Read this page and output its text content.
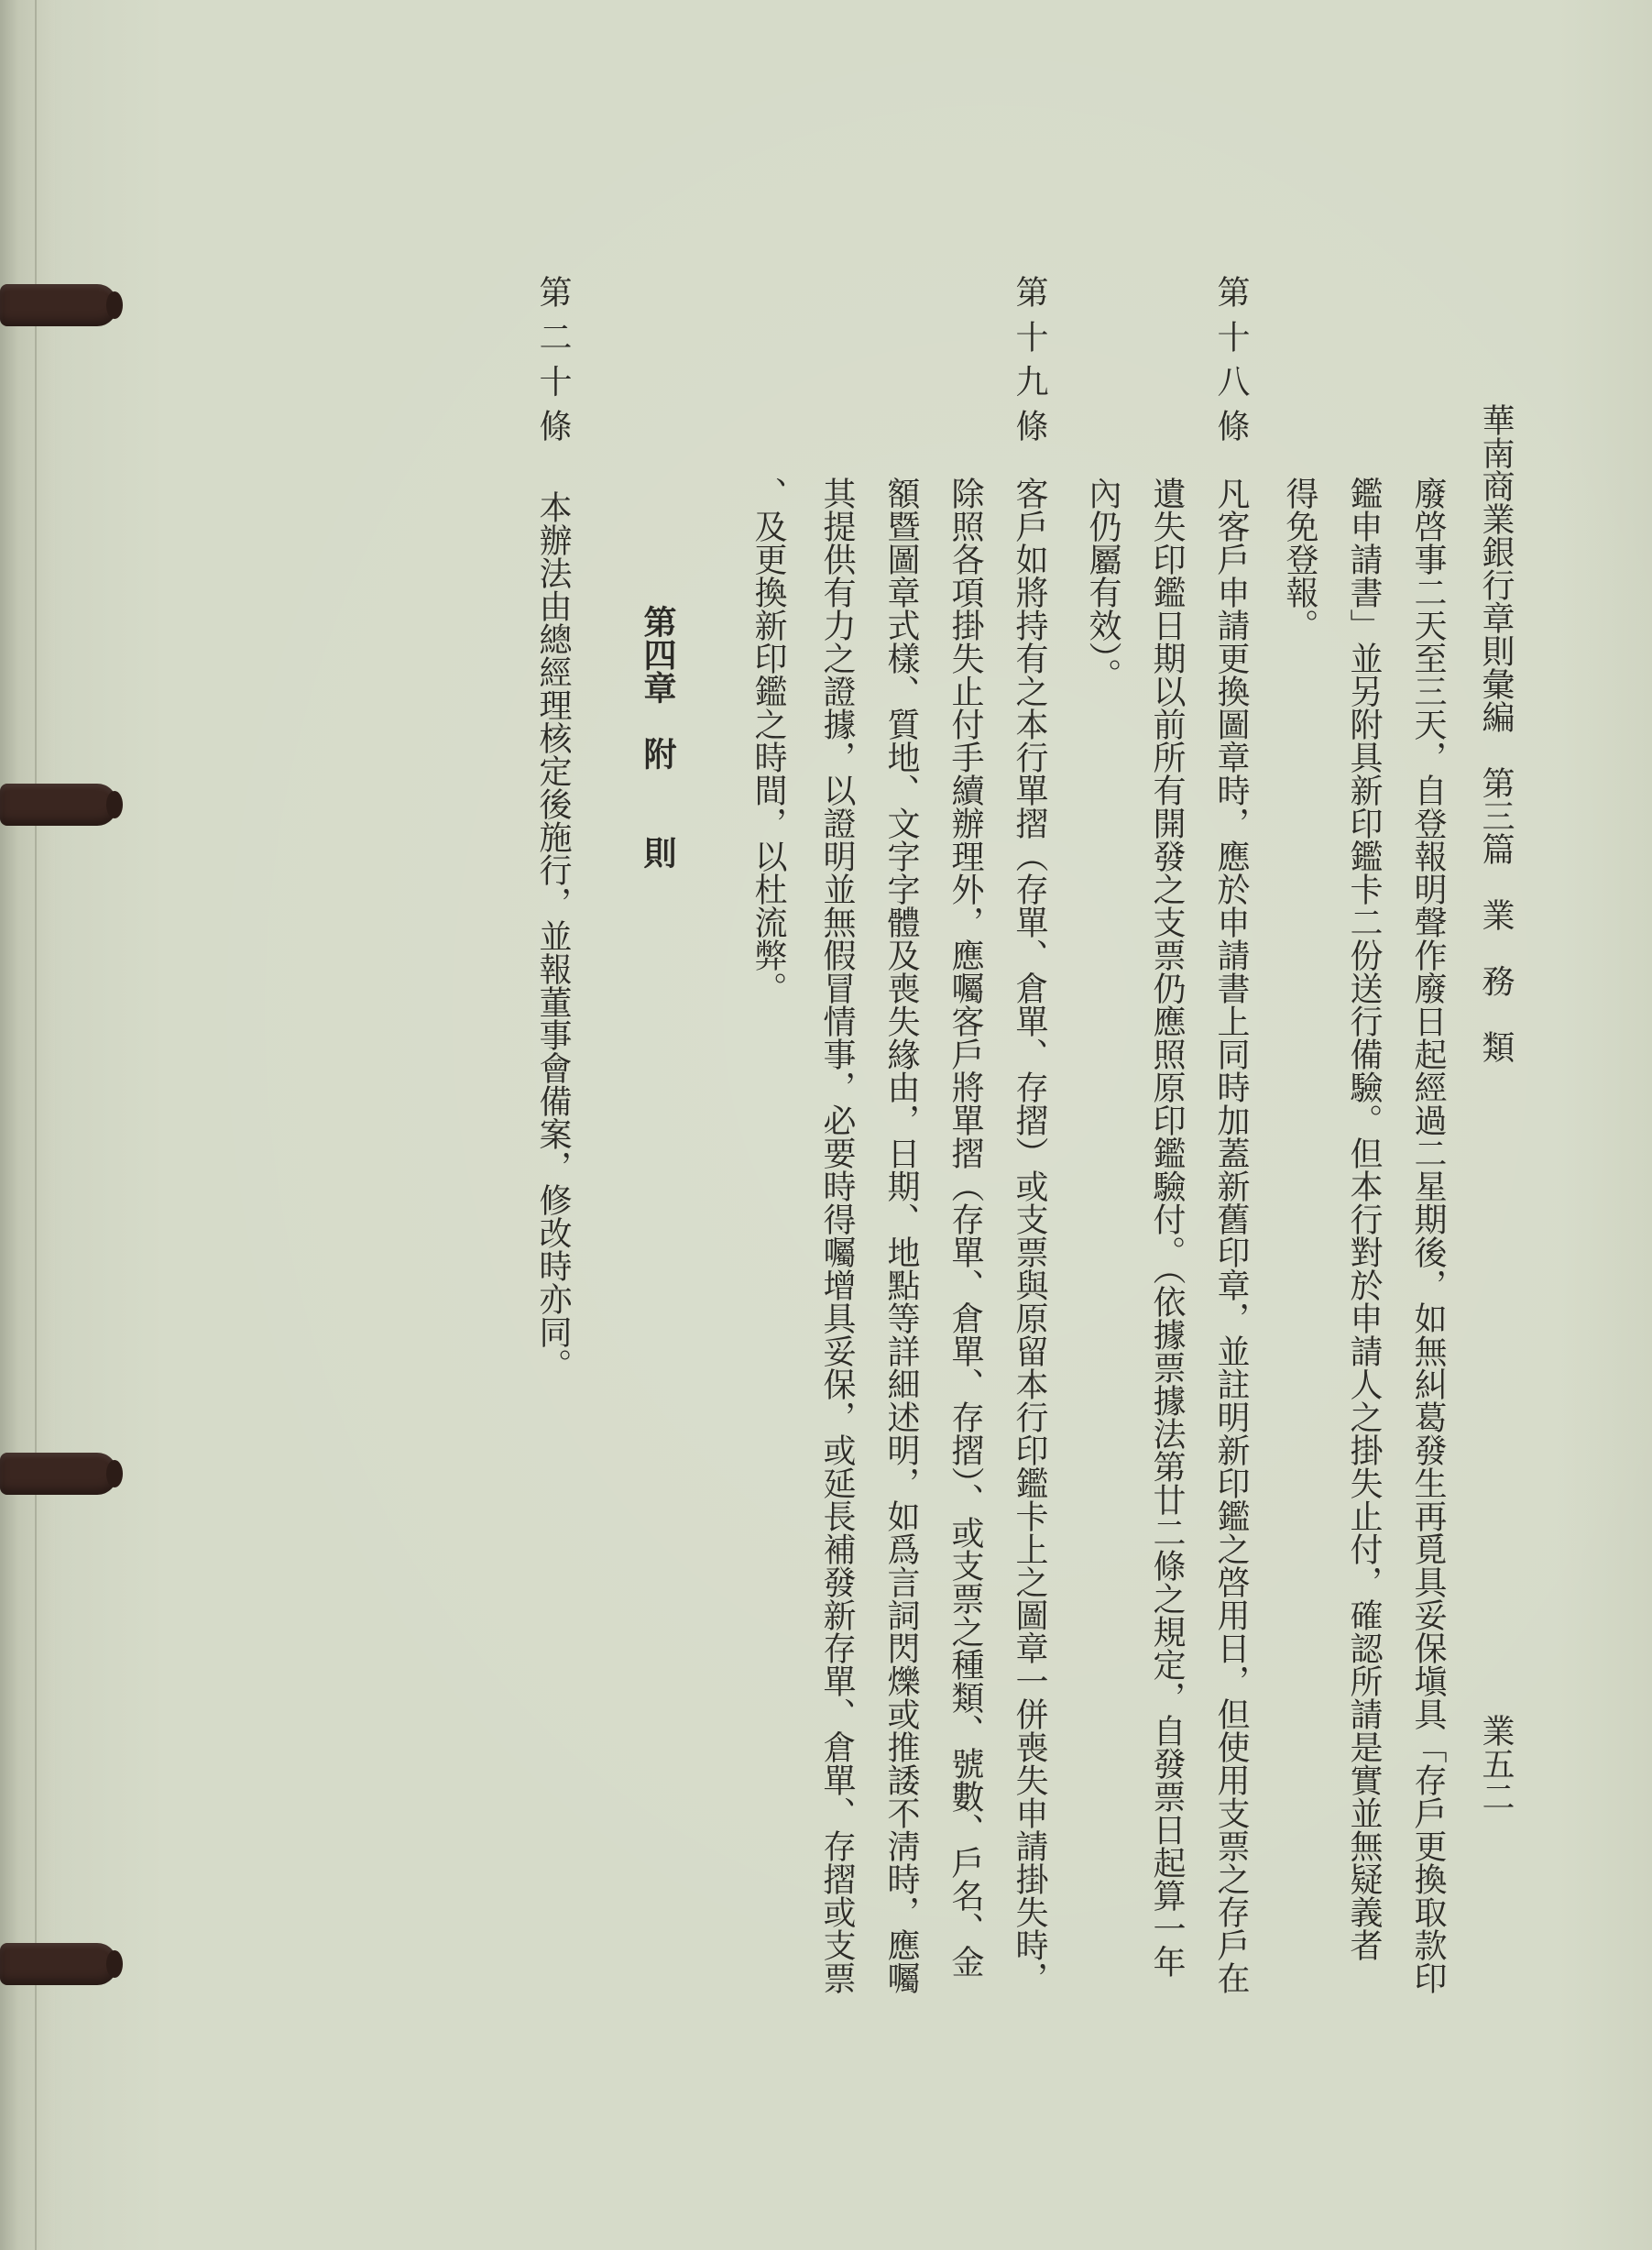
華南商業銀行章則彙編　第三篇　業　務　類
業五二
廢啓事二天至三天，自登報明聲作廢日起經過二星期後，如無糾葛發生再覓具妥保塡具「存戶更換取款印
鑑申請書」並另附具新印鑑卡二份送行備驗。但本行對於申請人之掛失止付，確認所請是實並無疑義者
得免登報。
第十八條
凡客戶申請更換圖章時，應於申請書上同時加蓋新舊印章，並註明新印鑑之啓用日，但使用支票之存戶在
遺失印鑑日期以前所有開發之支票仍應照原印鑑驗付。（依據票據法第廿二條之規定，自發票日起算一年
內仍屬有效）。
第十九條
客戶如將持有之本行單摺（存單、倉單、存摺）或支票與原留本行印鑑卡上之圖章一併喪失申請掛失時，
除照各項掛失止付手續辦理外，應囑客戶將單摺（存單、倉單、存摺）、或支票之種類、號數、戶名、金
額暨圖章式樣、質地、文字字體及喪失緣由，日期、地點等詳細述明，如爲言詞閃爍或推諉不淸時，應囑
其提供有力之證據，以證明並無假冒情事，必要時得囑增具妥保，或延長補發新存單、倉單、存摺或支票
、及更換新印鑑之時間，以杜流弊。
第四章　附　　則
第二十條
本辦法由總經理核定後施行，並報董事會備案，修改時亦同。
